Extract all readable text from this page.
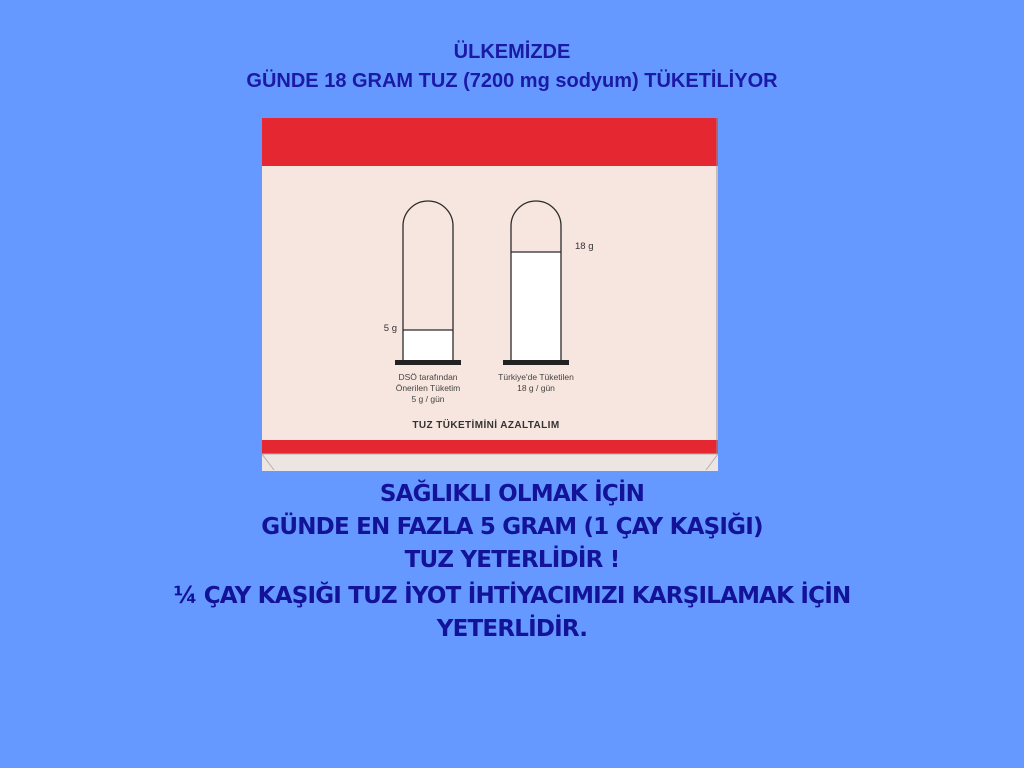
ÜLKEMİZDE
GÜNDE 18 GRAM TUZ (7200 mg sodyum) TÜKETİLİYOR
5 g
DSÖ tarafından
Önerilen Tüketim
5 g / gün
18 g
Türkiye'de Tüketilen
18 g / gün
TUZ TÜKETİMİNİ AZALTALIM
SAĞLIKLI OLMAK İÇİN
GÜNDE EN FAZLA 5 GRAM (1 ÇAY KAŞIĞI)
TUZ YETERLİDİR !
¼ ÇAY KAŞIĞI TUZ İYOT İHTİYACIMIZI KARŞILAMAK İÇİN
YETERLİDİR.
